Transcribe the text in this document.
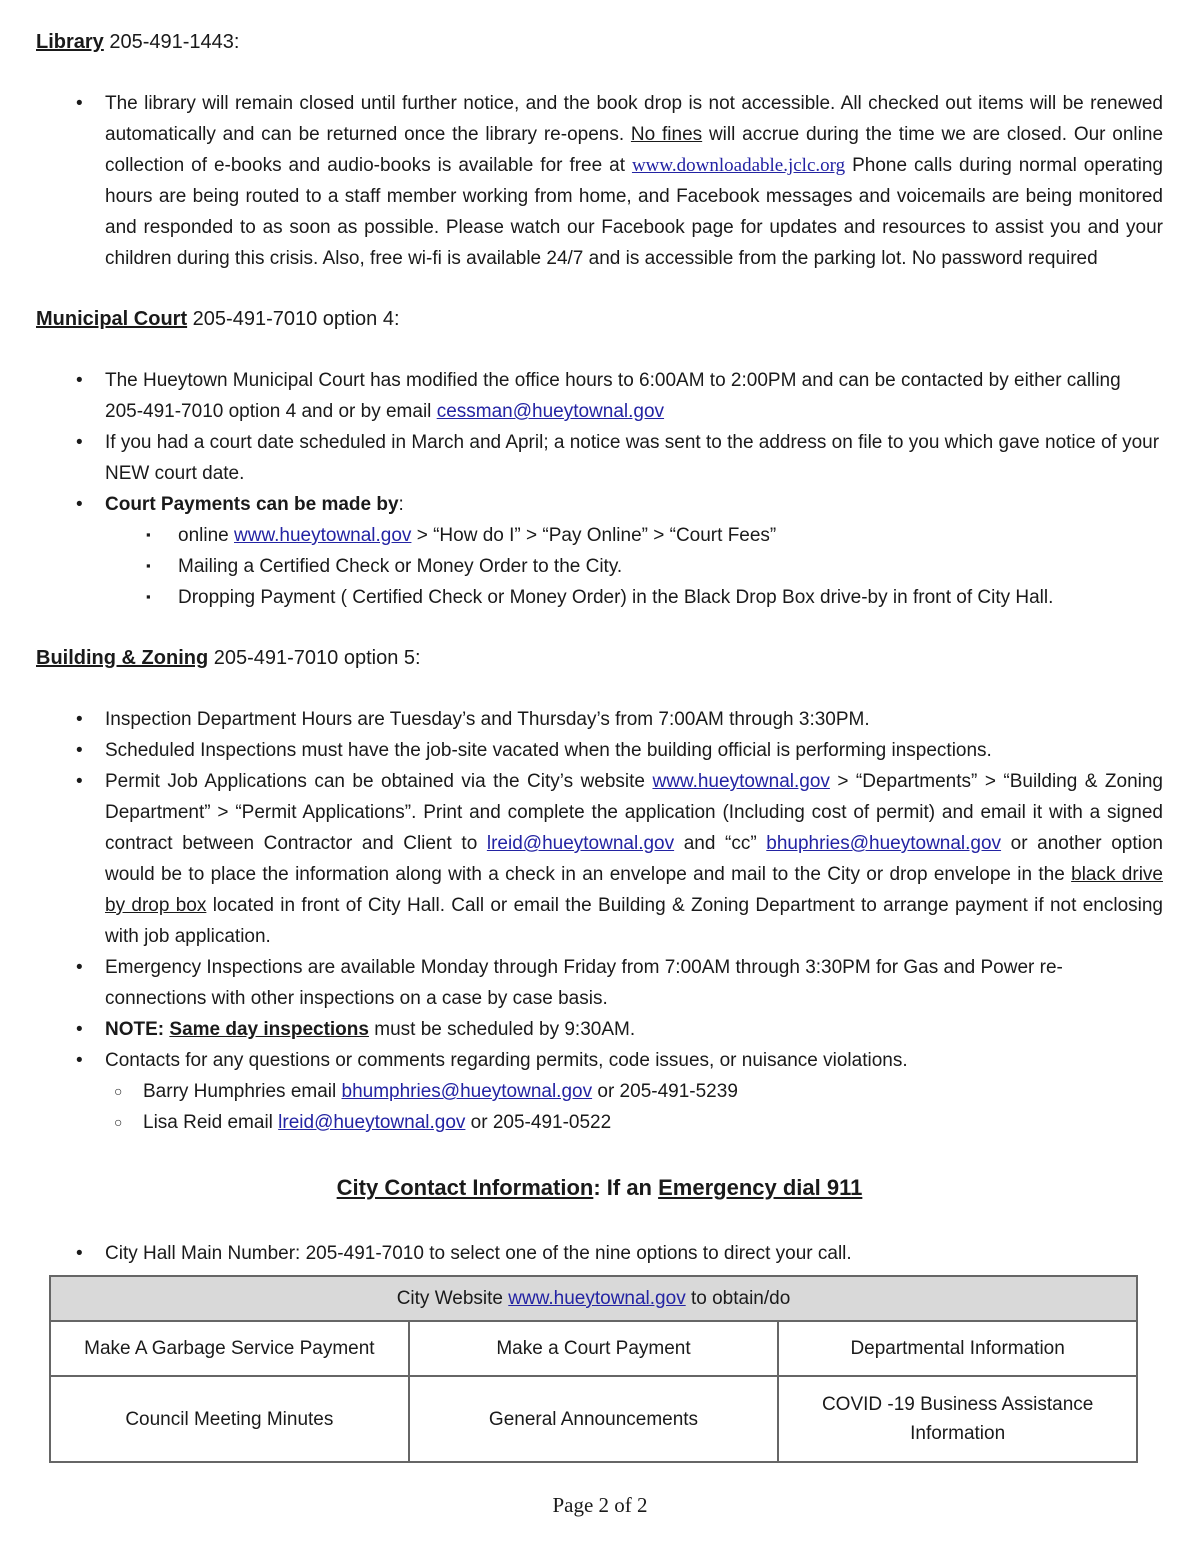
Library 205-491-1443:
• The library will remain closed until further notice, and the book drop is not accessible. All checked out items will be renewed automatically and can be returned once the library re-opens. No fines will accrue during the time we are closed. Our online collection of e-books and audio-books is available for free at www.downloadable.jclc.org Phone calls during normal operating hours are being routed to a staff member working from home, and Facebook messages and voicemails are being monitored and responded to as soon as possible. Please watch our Facebook page for updates and resources to assist you and your children during this crisis. Also, free wi-fi is available 24/7 and is accessible from the parking lot. No password required
Municipal Court 205-491-7010 option 4:
• The Hueytown Municipal Court has modified the office hours to 6:00AM to 2:00PM and can be contacted by either calling 205-491-7010 option 4 and or by email cessman@hueytownal.gov
• If you had a court date scheduled in March and April; a notice was sent to the address on file to you which gave notice of your NEW court date.
• Court Payments can be made by:
▪ online www.hueytownal.gov > “How do I” > “Pay Online” > “Court Fees”
▪ Mailing a Certified Check or Money Order to the City.
▪ Dropping Payment ( Certified Check or Money Order) in the Black Drop Box drive-by in front of City Hall.
Building & Zoning 205-491-7010 option 5:
• Inspection Department Hours are Tuesday’s and Thursday’s from 7:00AM through 3:30PM.
• Scheduled Inspections must have the job-site vacated when the building official is performing inspections.
• Permit Job Applications can be obtained via the City’s website www.hueytownal.gov > “Departments” > “Building & Zoning Department” > “Permit Applications”. Print and complete the application (Including cost of permit) and email it with a signed contract between Contractor and Client to lreid@hueytownal.gov and “cc” bhuphries@hueytownal.gov or another option would be to place the information along with a check in an envelope and mail to the City or drop envelope in the black drive by drop box located in front of City Hall. Call or email the Building & Zoning Department to arrange payment if not enclosing with job application.
• Emergency Inspections are available Monday through Friday from 7:00AM through 3:30PM for Gas and Power re-connections with other inspections on a case by case basis.
• NOTE: Same day inspections must be scheduled by 9:30AM.
• Contacts for any questions or comments regarding permits, code issues, or nuisance violations.
○ Barry Humphries email bhumphries@hueytownal.gov or 205-491-5239
○ Lisa Reid email lreid@hueytownal.gov or 205-491-0522
City Contact Information: If an Emergency dial 911
• City Hall Main Number: 205-491-7010 to select one of the nine options to direct your call.
City Website www.hueytownal.gov to obtain/do		
Make A Garbage Service Payment	Make a Court Payment	Departmental Information
Council Meeting Minutes	General Announcements	COVID -19 Business Assistance Information
Page 2 of 2
